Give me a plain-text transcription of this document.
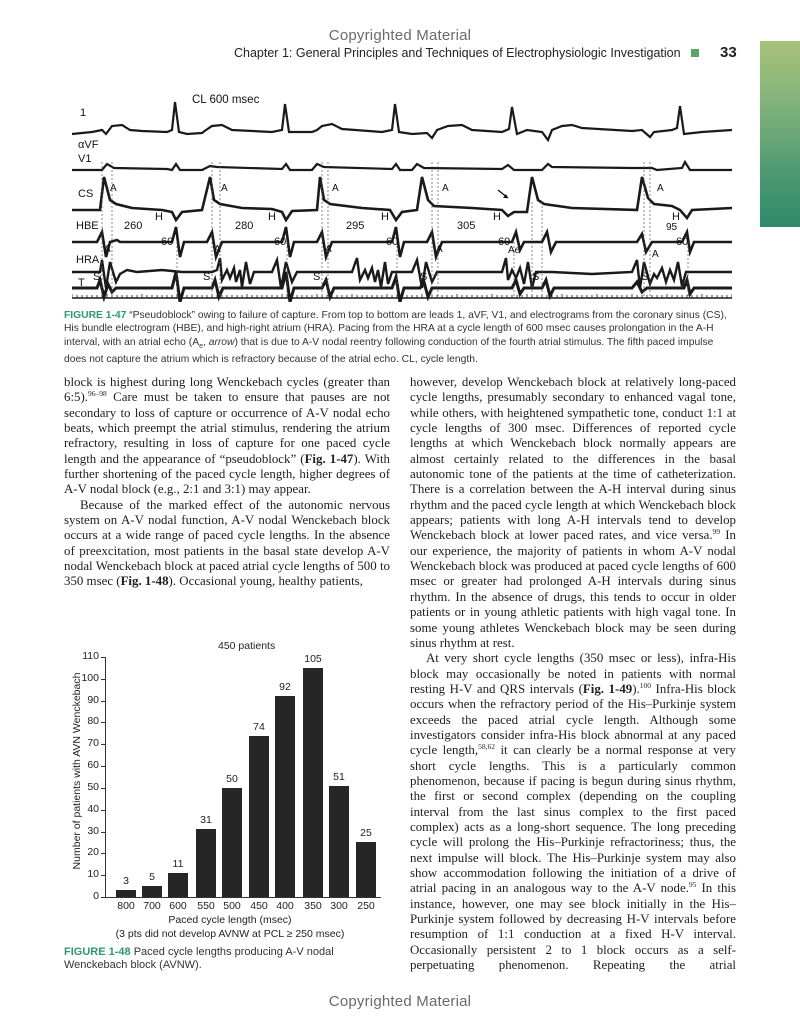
Copyrighted Material
Chapter 1: General Principles and Techniques of Electrophysiologic Investigation	33
CL 600 msec
1
αVF
V1
CS
HBE
HRA
T
260	280	295	305	95
60	60	60	60	60
H	H	H	H	H
A	A	A	A	A
A	A	A	A	Ae	A
S	S	S	S	S	S
FIGURE 1-47 “Pseudoblock” owing to failure of capture. From top to bottom are leads 1, aVF, V1, and electrograms from the coronary sinus (CS), His bundle electrogram (HBE), and high-right atrium (HRA). Pacing from the HRA at a cycle length of 600 msec causes prolongation in the A-H interval, with an atrial echo ($A_e$, arrow) that is due to A-V nodal reentry following conduction of the fourth atrial stimulus. The fifth paced impulse does not capture the atrium which is refractory because of the atrial echo. CL, cycle length.

block is highest during long Wenckebach cycles (greater than 6:5).$^{96-98}$ Care must be taken to ensure that pauses are not secondary to loss of capture or occurrence of A-V nodal echo beats, which preempt the atrial stimulus, rendering the atrium refractory, resulting in loss of capture for one paced cycle length and the appearance of “pseudoblock” (Fig. 1-47). With further shortening of the paced cycle length, higher degrees of A-V nodal block (e.g., 2:1 and 3:1) may appear.

Because of the marked effect of the autonomic nervous system on A-V nodal function, A-V nodal Wenckebach block occurs at a wide range of paced cycle lengths. In the absence of preexcitation, most patients in the basal state develop A-V nodal Wenckebach block at paced atrial cycle lengths of 500 to 350 msec (Fig. 1-48). Occasional young, healthy patients,

450 patients
Number of patients with AVN Wenckebach
0
10
20
30
40
50
60
70
80
90
100
110
3
800
5
700
11
600
31
550
50
500
74
450
92
400
105
350
51
300
25
250
Paced cycle length (msec)
(3 pts did not develop AVNW at PCL ≥ 250 msec)
FIGURE 1-48 Paced cycle lengths producing A-V nodal Wenckebach block (AVNW).

however, develop Wenckebach block at relatively long-paced cycle lengths, presumably secondary to enhanced vagal tone, while others, with heightened sympathetic tone, conduct 1:1 at cycle lengths of 300 msec. Differences of reported cycle lengths at which Wenckebach block normally appears are almost certainly related to the differences in the basal autonomic tone of the patients at the time of catheterization. There is a correlation between the A-H interval during sinus rhythm and the paced cycle length at which Wenckebach block appears; patients with long A-H intervals tend to develop Wenckebach block at lower paced rates, and vice versa.$^{99}$ In our experience, the majority of patients in whom A-V nodal Wenckebach block was produced at paced cycle lengths of 600 msec or greater had prolonged A-H intervals during sinus rhythm. In the absence of drugs, this tends to occur in older patients or in young athletic patients with high vagal tone. In some young athletes Wenckebach block may be seen during sinus rhythm at rest.

At very short cycle lengths (350 msec or less), infra-His block may occasionally be noted in patients with normal resting H-V and QRS intervals (Fig. 1-49).$^{100}$ Infra-His block occurs when the refractory period of the His–Purkinje system exceeds the paced atrial cycle length. Although some investigators consider infra-His block abnormal at any paced cycle length,$^{58,62}$ it can clearly be a normal response at very short cycle lengths. This is a particularly common phenomenon, because if pacing is begun during sinus rhythm, the first or second complex (depending on the coupling interval from the last sinus complex to the first paced complex) acts as a long-short sequence. The long preceding cycle will prolong the His–Purkinje refractoriness; thus, the next impulse will block. The His–Purkinje system may also show accommodation following the initiation of a drive of atrial pacing in an analogous way to the A-V node.$^{95}$ In this instance, however, one may see block initially in the His–Purkinje system followed by decreasing H-V intervals before resumption of 1:1 conduction at a fixed H-V interval. Occasionally persistent 2 to 1 block occurs as a self-perpetuating phenomenon. Repeating the atrial

Copyrighted Material
